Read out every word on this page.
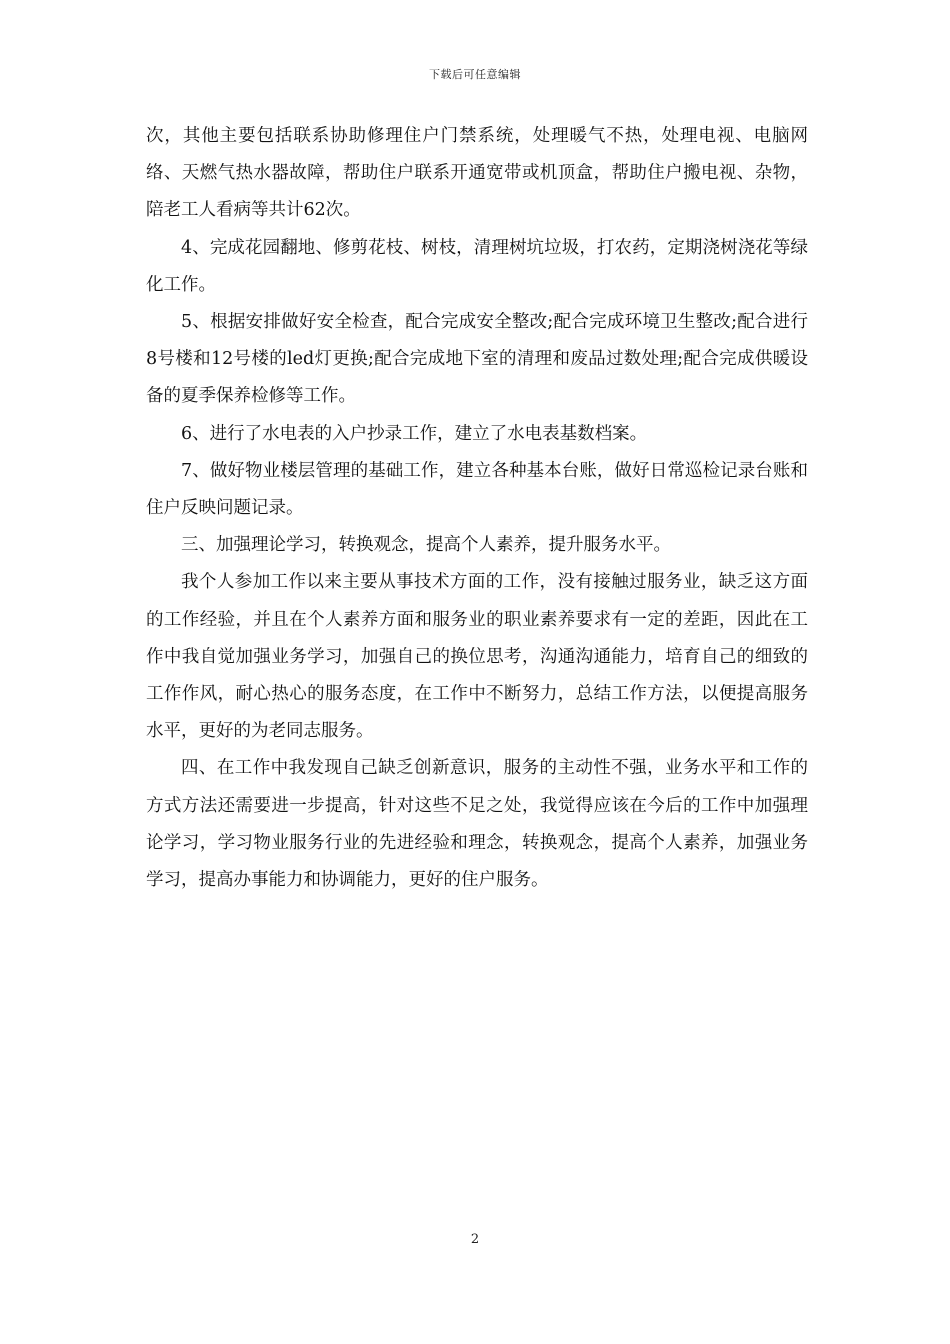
下载后可任意编辑

次，其他主要包括联系协助修理住户门禁系统，处理暖气不热，处理电视、电脑网络、天燃气热水器故障，帮助住户联系开通宽带或机顶盒，帮助住户搬电视、杂物，陪老工人看病等共计62次。

4、完成花园翻地、修剪花枝、树枝，清理树坑垃圾，打农药，定期浇树浇花等绿化工作。

5、根据安排做好安全检查，配合完成安全整改;配合完成环境卫生整改;配合进行8号楼和12号楼的led灯更换;配合完成地下室的清理和废品过数处理;配合完成供暖设备的夏季保养检修等工作。

6、进行了水电表的入户抄录工作，建立了水电表基数档案。

7、做好物业楼层管理的基础工作，建立各种基本台账，做好日常巡检记录台账和住户反映问题记录。

三、加强理论学习，转换观念，提高个人素养，提升服务水平。

我个人参加工作以来主要从事技术方面的工作，没有接触过服务业，缺乏这方面的工作经验，并且在个人素养方面和服务业的职业素养要求有一定的差距，因此在工作中我自觉加强业务学习，加强自己的换位思考，沟通沟通能力，培育自己的细致的工作作风，耐心热心的服务态度，在工作中不断努力，总结工作方法，以便提高服务水平，更好的为老同志服务。

四、在工作中我发现自己缺乏创新意识，服务的主动性不强，业务水平和工作的方式方法还需要进一步提高，针对这些不足之处，我觉得应该在今后的工作中加强理论学习，学习物业服务行业的先进经验和理念，转换观念，提高个人素养，加强业务学习，提高办事能力和协调能力，更好的住户服务。

2
